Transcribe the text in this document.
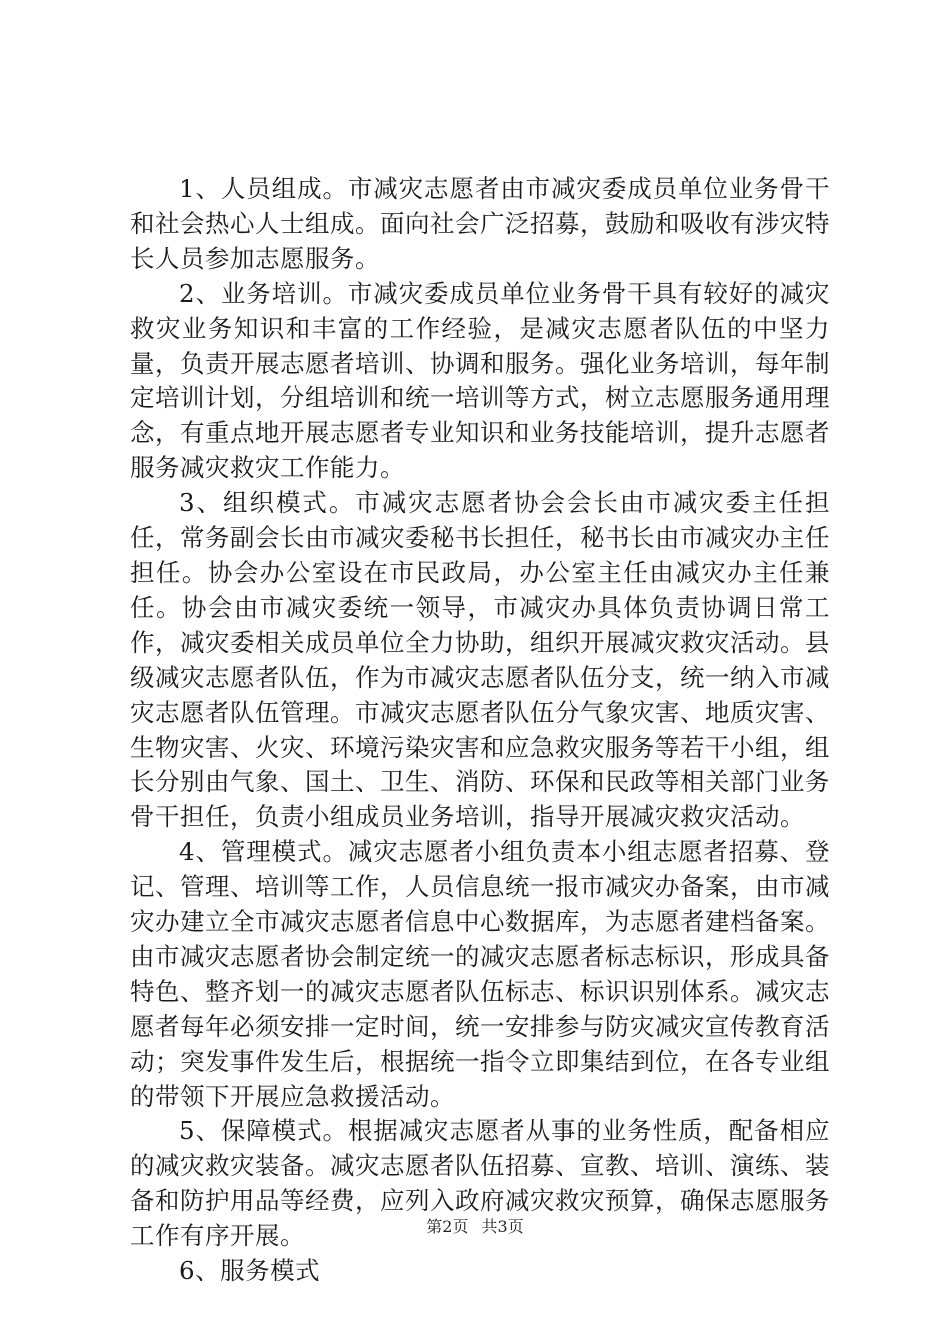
1、人员组成。市减灾志愿者由市减灾委成员单位业务骨干和社会热心人士组成。面向社会广泛招募，鼓励和吸收有涉灾特长人员参加志愿服务。

2、业务培训。市减灾委成员单位业务骨干具有较好的减灾救灾业务知识和丰富的工作经验，是减灾志愿者队伍的中坚力量，负责开展志愿者培训、协调和服务。强化业务培训，每年制定培训计划，分组培训和统一培训等方式，树立志愿服务通用理念，有重点地开展志愿者专业知识和业务技能培训，提升志愿者服务减灾救灾工作能力。

3、组织模式。市减灾志愿者协会会长由市减灾委主任担任，常务副会长由市减灾委秘书长担任，秘书长由市减灾办主任担任。协会办公室设在市民政局，办公室主任由减灾办主任兼任。协会由市减灾委统一领导，市减灾办具体负责协调日常工作，减灾委相关成员单位全力协助，组织开展减灾救灾活动。县级减灾志愿者队伍，作为市减灾志愿者队伍分支，统一纳入市减灾志愿者队伍管理。市减灾志愿者队伍分气象灾害、地质灾害、生物灾害、火灾、环境污染灾害和应急救灾服务等若干小组，组长分别由气象、国土、卫生、消防、环保和民政等相关部门业务骨干担任，负责小组成员业务培训，指导开展减灾救灾活动。

4、管理模式。减灾志愿者小组负责本小组志愿者招募、登记、管理、培训等工作，人员信息统一报市减灾办备案，由市减灾办建立全市减灾志愿者信息中心数据库，为志愿者建档备案。由市减灾志愿者协会制定统一的减灾志愿者标志标识，形成具备特色、整齐划一的减灾志愿者队伍标志、标识识别体系。减灾志愿者每年必须安排一定时间，统一安排参与防灾减灾宣传教育活动；突发事件发生后，根据统一指令立即集结到位，在各专业组的带领下开展应急救援活动。

5、保障模式。根据减灾志愿者从事的业务性质，配备相应的减灾救灾装备。减灾志愿者队伍招募、宣教、培训、演练、装备和防护用品等经费，应列入政府减灾救灾预算，确保志愿服务工作有序开展。

6、服务模式

第2页 共3页
